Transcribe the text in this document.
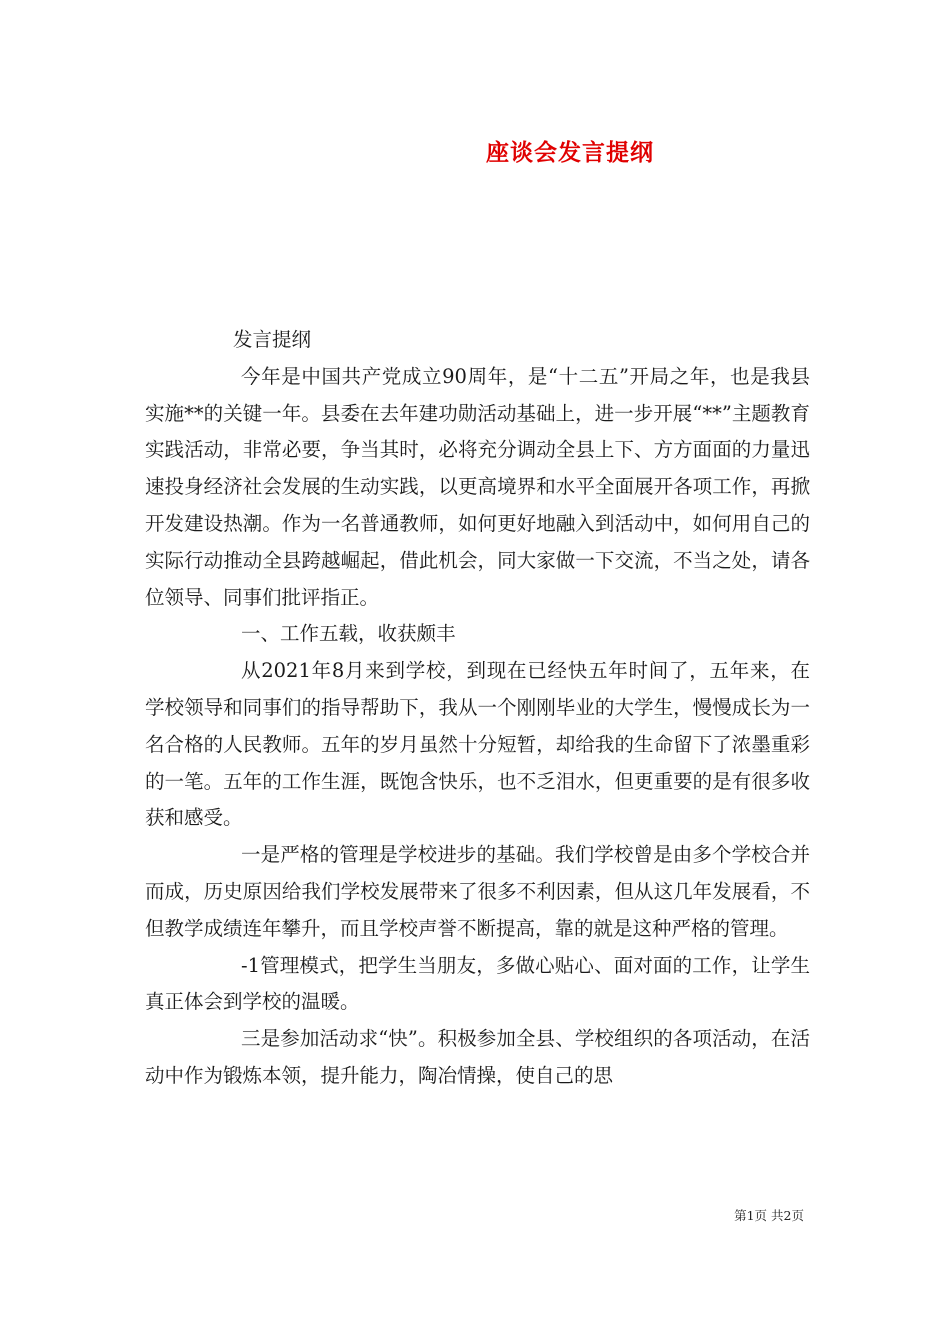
座谈会发言提纲

发言提纲

今年是中国共产党成立90周年，是“十二五”开局之年，也是我县实施**的关键一年。县委在去年建功勋活动基础上，进一步开展“**”主题教育实践活动，非常必要，争当其时，必将充分调动全县上下、方方面面的力量迅速投身经济社会发展的生动实践，以更高境界和水平全面展开各项工作，再掀开发建设热潮。作为一名普通教师，如何更好地融入到活动中，如何用自己的实际行动推动全县跨越崛起，借此机会，同大家做一下交流，不当之处，请各位领导、同事们批评指正。

一、工作五载，收获颇丰

从2021年8月来到学校，到现在已经快五年时间了，五年来，在学校领导和同事们的指导帮助下，我从一个刚刚毕业的大学生，慢慢成长为一名合格的人民教师。五年的岁月虽然十分短暂，却给我的生命留下了浓墨重彩的一笔。五年的工作生涯，既饱含快乐，也不乏泪水，但更重要的是有很多收获和感受。

一是严格的管理是学校进步的基础。我们学校曾是由多个学校合并而成，历史原因给我们学校发展带来了很多不利因素，但从这几年发展看，不但教学成绩连年攀升，而且学校声誉不断提高，靠的就是这种严格的管理。

-1管理模式，把学生当朋友，多做心贴心、面对面的工作，让学生真正体会到学校的温暖。

三是参加活动求“快”。积极参加全县、学校组织的各项活动，在活动中作为锻炼本领，提升能力，陶冶情操，使自己的思

第1页 共2页
